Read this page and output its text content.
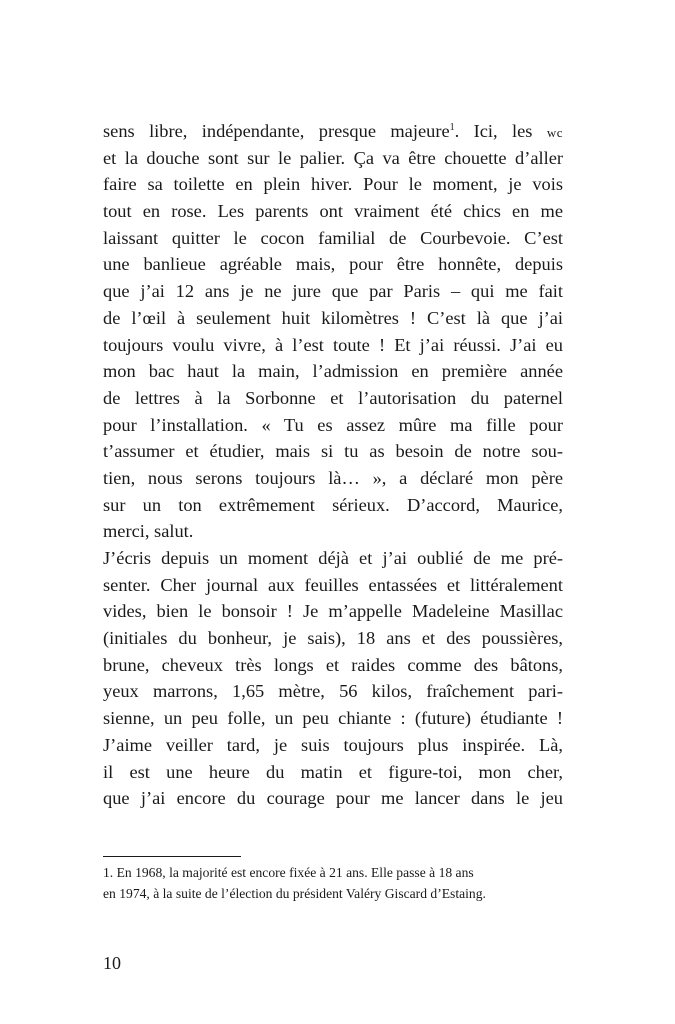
sens libre, indépendante, presque majeure$^1$. Ici, les wc
et la douche sont sur le palier. Ça va être chouette d’aller
faire sa toilette en plein hiver. Pour le moment, je vois
tout en rose. Les parents ont vraiment été chics en me
laissant quitter le cocon familial de Courbevoie. C’est
une banlieue agréable mais, pour être honnête, depuis
que j’ai 12 ans je ne jure que par Paris – qui me fait
de l’œil à seulement huit kilomètres ! C’est là que j’ai
toujours voulu vivre, à l’est toute ! Et j’ai réussi. J’ai eu
mon bac haut la main, l’admission en première année
de lettres à la Sorbonne et l’autorisation du paternel
pour l’installation. « Tu es assez mûre ma fille pour
t’assumer et étudier, mais si tu as besoin de notre sou-
tien, nous serons toujours là… », a déclaré mon père
sur un ton extrêmement sérieux. D’accord, Maurice,
merci, salut.
J’écris depuis un moment déjà et j’ai oublié de me pré-
senter. Cher journal aux feuilles entassées et littéralement
vides, bien le bonsoir ! Je m’appelle Madeleine Masillac
(initiales du bonheur, je sais), 18 ans et des poussières,
brune, cheveux très longs et raides comme des bâtons,
yeux marrons, 1,65 mètre, 56 kilos, fraîchement pari-
sienne, un peu folle, un peu chiante : (future) étudiante !
J’aime veiller tard, je suis toujours plus inspirée. Là,
il est une heure du matin et figure-toi, mon cher,
que j’ai encore du courage pour me lancer dans le jeu
1. En 1968, la majorité est encore fixée à 21 ans. Elle passe à 18 ans
en 1974, à la suite de l’élection du président Valéry Giscard d’Estaing.
10
